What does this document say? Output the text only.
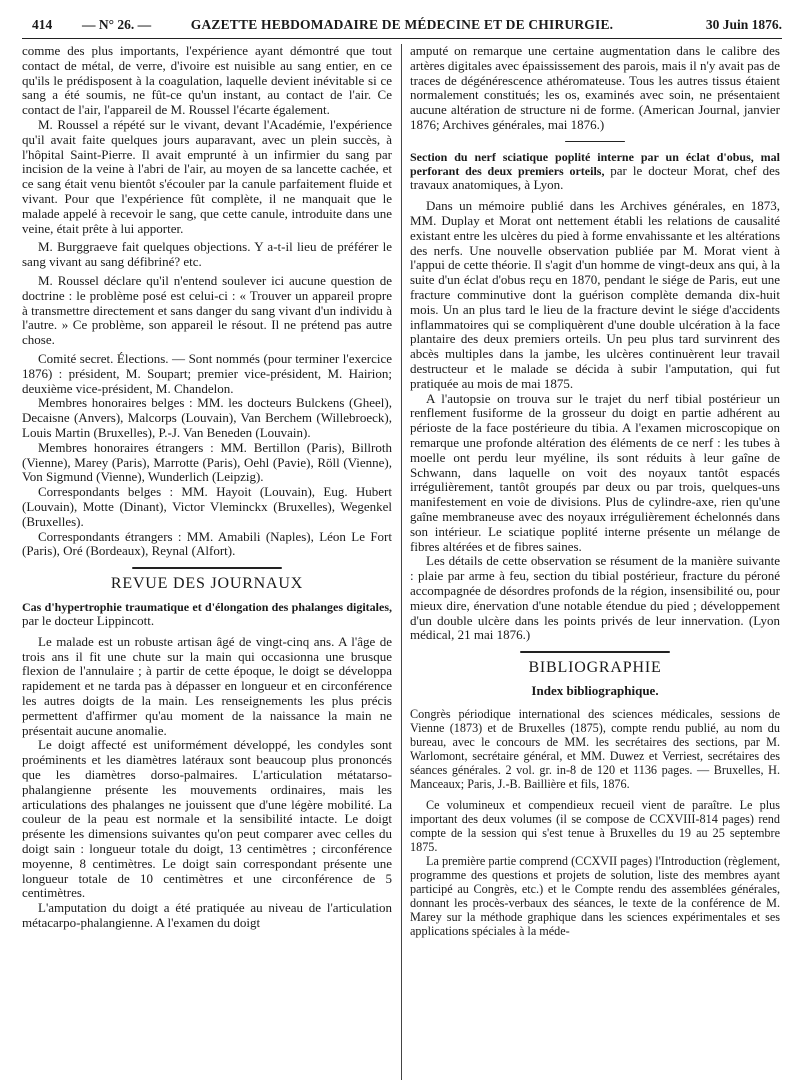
414 — N° 26. —	GAZETTE HEBDOMADAIRE DE MÉDECINE ET DE CHIRURGIE.	30 Juin 1876.

comme des plus importants, l'expérience ayant démontré que tout contact de métal, de verre, d'ivoire est nuisible au sang entier, en ce qu'ils le prédisposent à la coagulation, laquelle devient inévitable si ce sang a été soumis, ne fût-ce qu'un instant, au contact de l'air. Ce contact de l'air, l'appareil de M. Roussel l'écarte également.

M. Roussel a répété sur le vivant, devant l'Académie, l'expérience qu'il avait faite quelques jours auparavant, avec un plein succès, à l'hôpital Saint-Pierre. Il avait emprunté à un infirmier du sang par incision de la veine à l'abri de l'air, au moyen de sa lancette cachée, et ce sang était venu bientôt s'écouler par la canule parfaitement fluide et vivant. Pour que l'expérience fût complète, il ne manquait que le malade appelé à recevoir le sang, que cette canule, introduite dans une veine, était prête à lui apporter.

M. Burggraeve fait quelques objections. Y a-t-il lieu de préférer le sang vivant au sang défibriné? etc.

M. Roussel déclare qu'il n'entend soulever ici aucune question de doctrine : le problème posé est celui-ci : « Trouver un appareil propre à transmettre directement et sans danger du sang vivant d'un individu à l'autre. » Ce problème, son appareil le résout. Il ne prétend pas autre chose.

Comité secret. Élections. — Sont nommés (pour terminer l'exercice 1876) : président, M. Soupart; premier vice-président, M. Hairion; deuxième vice-président, M. Chandelon.

Membres honoraires belges : MM. les docteurs Bulckens (Gheel), Decaisne (Anvers), Malcorps (Louvain), Van Berchem (Willebroeck), Louis Martin (Bruxelles), P.-J. Van Beneden (Louvain).

Membres honoraires étrangers : MM. Bertillon (Paris), Billroth (Vienne), Marey (Paris), Marrotte (Paris), Oehl (Pavie), Röll (Vienne), Von Sigmund (Vienne), Wunderlich (Leipzig).

Correspondants belges : MM. Hayoit (Louvain), Eug. Hubert (Louvain), Motte (Dinant), Victor Vleminckx (Bruxelles), Wegenkel (Bruxelles).

Correspondants étrangers : MM. Amabili (Naples), Léon Le Fort (Paris), Oré (Bordeaux), Reynal (Alfort).

REVUE DES JOURNAUX

Cas d'hypertrophie traumatique et d'élongation des phalanges digitales, par le docteur Lippincott.

Le malade est un robuste artisan âgé de vingt-cinq ans. A l'âge de trois ans il fit une chute sur la main qui occasionna une brusque flexion de l'annulaire ; à partir de cette époque, le doigt se développa rapidement et ne tarda pas à dépasser en longueur et en circonférence les autres doigts de la main. Les renseignements les plus précis permettent d'affirmer qu'au moment de la naissance la main ne présentait aucune anomalie.

Le doigt affecté est uniformément développé, les condyles sont proéminents et les diamètres latéraux sont beaucoup plus prononcés que les diamètres dorso-palmaires. L'articulation métatarso-phalangienne présente les mouvements ordinaires, mais les articulations des phalanges ne jouissent que d'une légère mobilité. La couleur de la peau est normale et la sensibilité intacte. Le doigt présente les dimensions suivantes qu'on peut comparer avec celles du doigt sain : longueur totale du doigt, 13 centimètres ; circonférence moyenne, 8 centimètres. Le doigt sain correspondant présente une longueur totale de 10 centimètres et une circonférence de 5 centimètres.

L'amputation du doigt a été pratiquée au niveau de l'articulation métacarpo-phalangienne. A l'examen du doigt

amputé on remarque une certaine augmentation dans le calibre des artères digitales avec épaississement des parois, mais il n'y avait pas de traces de dégénérescence athéromateuse. Tous les autres tissus étaient normalement constitués; les os, examinés avec soin, ne présentaient aucune altération de structure ni de forme. (American Journal, janvier 1876; Archives générales, mai 1876.)

Section du nerf sciatique poplité interne par un éclat d'obus, mal perforant des deux premiers orteils, par le docteur Morat, chef des travaux anatomiques, à Lyon.

Dans un mémoire publié dans les Archives générales, en 1873, MM. Duplay et Morat ont nettement établi les relations de causalité existant entre les ulcères du pied à forme envahissante et les altérations des nerfs. Une nouvelle observation publiée par M. Morat vient à l'appui de cette théorie. Il s'agit d'un homme de vingt-deux ans qui, à la suite d'un éclat d'obus reçu en 1870, pendant le siége de Paris, eut une fracture comminutive dont la guérison complète demanda dix-huit mois. Un an plus tard le lieu de la fracture devint le siége d'accidents inflammatoires qui se compliquèrent d'une double ulcération à la face plantaire des deux premiers orteils. Un peu plus tard survinrent des abcès multiples dans la jambe, les ulcères continuèrent leur travail destructeur et le malade se décida à subir l'amputation, qui fut pratiquée au mois de mai 1875.

A l'autopsie on trouva sur le trajet du nerf tibial postérieur un renflement fusiforme de la grosseur du doigt en partie adhérent au périoste de la face postérieure du tibia. A l'examen microscopique on remarque une profonde altération des éléments de ce nerf : les tubes à moelle ont perdu leur myéline, ils sont réduits à leur gaîne de Schwann, dans laquelle on voit des noyaux tantôt espacés irrégulièrement, tantôt groupés par deux ou par trois, quelques-uns manifestement en voie de divisions. Plus de cylindre-axe, rien qu'une gaîne membraneuse avec des noyaux irrégulièrement échelonnés dans son intérieur. Le sciatique poplité interne présente un mélange de fibres altérées et de fibres saines.

Les détails de cette observation se résument de la manière suivante : plaie par arme à feu, section du tibial postérieur, fracture du péroné accompagnée de désordres profonds de la région, insensibilité ou, pour mieux dire, énervation d'une notable étendue du pied ; développement d'un double ulcère dans les points privés de leur innervation. (Lyon médical, 21 mai 1876.)

BIBLIOGRAPHIE
Index bibliographique.

Congrès périodique international des sciences médicales, sessions de Vienne (1873) et de Bruxelles (1875), compte rendu publié, au nom du bureau, avec le concours de MM. les secrétaires des sections, par M. Warlomont, secrétaire général, et MM. Duwez et Verriest, secrétaires des séances générales. 2 vol. gr. in-8 de 120 et 1136 pages. — Bruxelles, H. Manceaux; Paris, J.-B. Baillière et fils, 1876.

Ce volumineux et compendieux recueil vient de paraître. Le plus important des deux volumes (il se compose de CCXVIII-814 pages) rend compte de la session qui s'est tenue à Bruxelles du 19 au 25 septembre 1875.

La première partie comprend (CCXVII pages) l'Introduction (règlement, programme des questions et projets de solution, liste des membres ayant participé au Congrès, etc.) et le Compte rendu des assemblées générales, donnant les procès-verbaux des séances, le texte de la conférence de M. Marey sur la méthode graphique dans les sciences expérimentales et ses applications spéciales à la méde-
